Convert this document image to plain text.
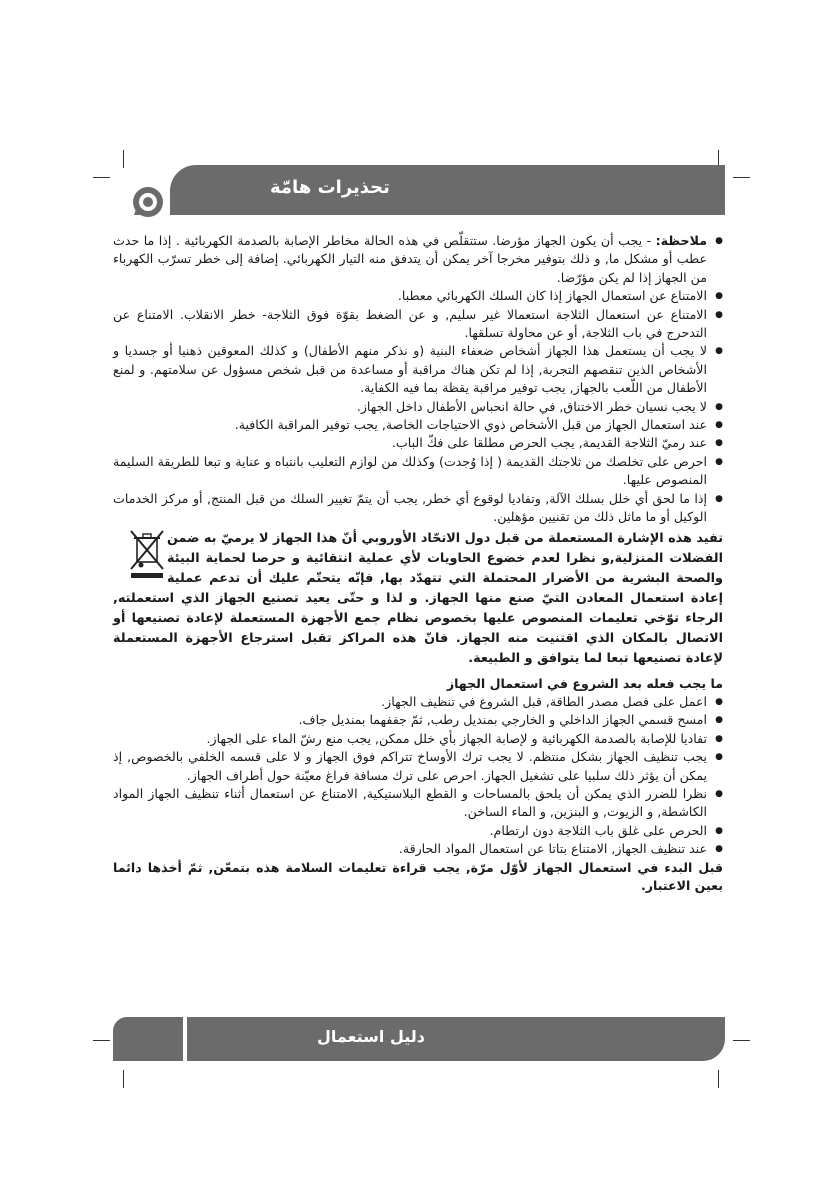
تحذيرات هامّة
● ملاحظة: - يجب أن يكون الجهاز مؤرضا. ستتقلّص في هذه الحالة مخاطر الإصابة بالصدمة الكهربائية . إذا ما حدث عطب أو مشكل ما, و ذلك بتوفير مخرجا آخر يمكن أن يتدفق منه التيار الكهربائي. إضافة إلى خطر تسرّب الكهرباء من الجهاز إذا لم يكن مؤرّضا.
● الامتناع عن استعمال الجهاز إذا كان السلك الكهربائي معطبا.
● الامتناع عن استعمال الثلاجة استعمالا غير سليم, و عن الضغط بقوّة فوق الثلاجة- خطر الانقلاب. الامتناع عن التدحرج في باب الثلاجة, أو عن محاولة تسلقها.
● لا يجب أن يستعمل هذا الجهاز أشخاص ضعفاء البنية (و نذكر منهم الأطفال) و كذلك المعوقين ذهنيا أو جسديا و الأشخاص الذين تنقصهم التجربة, إذا لم تكن هناك مراقبة أو مساعدة من قبل شخص مسؤول عن سلامتهم. و لمنع الأطفال من اللّعب بالجهاز, يجب توفير مراقبة يقظة بما فيه الكفاية.
● لا يجب نسيان خطر الاختناق, في حالة انحباس الأطفال داخل الجهاز.
● عند استعمال الجهاز من قبل الأشخاص ذوي الاحتياجات الخاصة, يجب توفير المراقبة الكافية.
● عند رميّ الثلاجة القديمة, يجب الحرص مطلقا على فكّ الباب.
● احرص على تخلصك من ثلاجتك القديمة ( إذا وُجدت) وكذلك من لوازم التعليب بانتباه و عناية و تبعا للطريقة السليمة المنصوص عليها.
● إذا ما لحق أي خلل بسلك الآلة, وتفاديا لوقوع أي خطر, يجب أن يتمّ تغيير السلك من قبل المنتج, أو مركز الخدمات الوكيل أو ما ماثل ذلك من تقنيين مؤهلين.
تفيد هذه الإشارة المستعملة من قبل دول الاتحّاد الأوروبي أنّ هذا الجهاز لا يرميّ به ضمن الفضلات المنزلية,و نظرا لعدم خضوع الحاويات لأي عملية انتقائية و حرصا لحماية البيئة والصحة البشرية من الأضرار المحتملة التي تتهدّد بها, فإنّه يتحتّم عليك أن تدعم عملية إعادة استعمال المعادن التيّ صنع منها الجهاز. و لذا و حتّى يعيد تصنيع الجهاز الذي استعملته, الرجاء توّخي تعليمات المنصوص عليها بخصوص نظام جمع الأجهزة المستعملة لإعادة تصنيعها أو الاتصال بالمكان الذي اقتنيت منه الجهاز. فانّ هذه المراكز تقبل استرجاع الأجهزة المستعملة لإعادة تصنيعها تبعا لما يتوافق و الطبيعة.
ما يجب فعله بعد الشروع في استعمال الجهاز
● اعمل على فصل مصدر الطاقة, قبل الشروع في تنظيف الجهاز.
● امسح قسمي الجهاز الداخلي و الخارجي بمنديل رطب, ثمّ جففهما بمنديل جاف.
● تفاديا للإصابة بالصدمة الكهربائية و لإصابة الجهاز بأي خلل ممكن, يجب منع رشّ الماء على الجهاز.
● يجب تنظيف الجهاز بشكل منتظم. لا يجب ترك الأوساخ تتراكم فوق الجهاز و لا على قسمه الخلفي بالخصوص, إذ يمكن أن يؤثر ذلك سلبيا على تشغيل الجهاز. احرص على ترك مسافة فراغ معيّنة حول أطراف الجهاز.
● نظرا للضرر الذي يمكن أن يلحق بالمساحات و القطع البلاستيكية, الامتناع عن استعمال أثناء تنظيف الجهاز المواد الكاشطة, و الزيوت, و البنزين, و الماء الساخن.
● الحرص على غلق باب الثلاجة دون ارتطام.
● عند تنظيف الجهاز, الامتناع بتاتا عن استعمال المواد الحارقة.
قبل البدء في استعمال الجهاز لأوّل مرّة, يجب قراءة تعليمات السلامة هذه بتمعّن, ثمّ أخذها دائما بعين الاعتبار.
دليل استعمال
